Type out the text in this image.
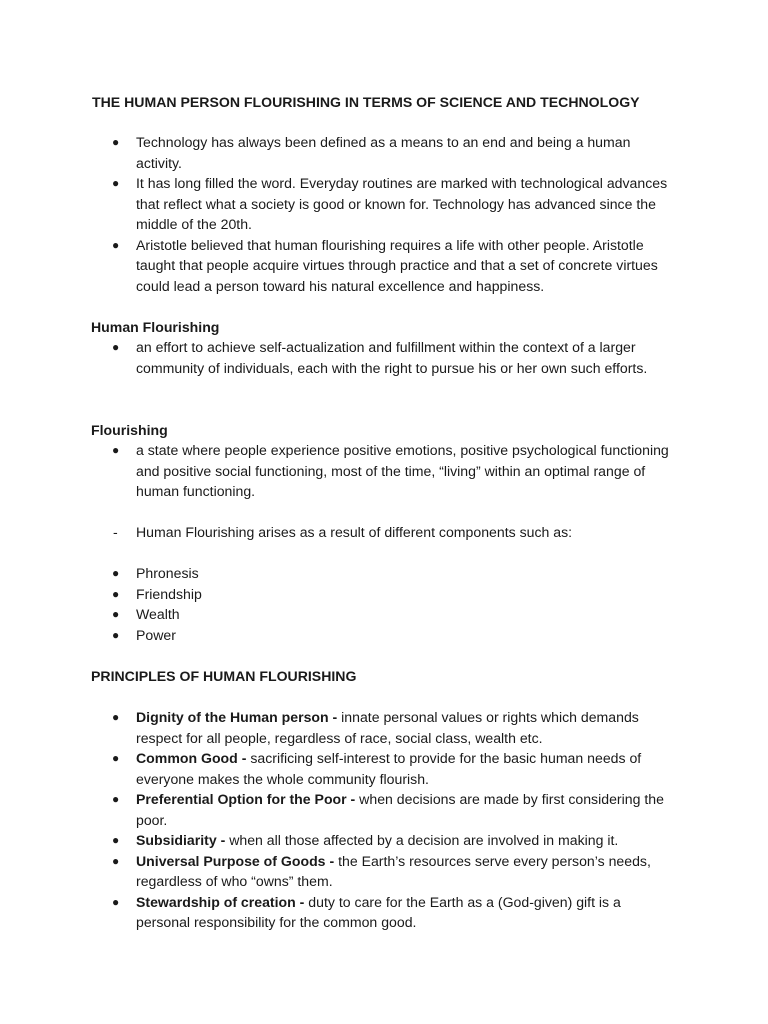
THE HUMAN PERSON FLOURISHING IN TERMS OF SCIENCE AND TECHNOLOGY
● Technology has always been defined as a means to an end and being a human activity.
● It has long filled the word. Everyday routines are marked with technological advances that reflect what a society is good or known for. Technology has advanced since the middle of the 20th.
● Aristotle believed that human flourishing requires a life with other people. Aristotle taught that people acquire virtues through practice and that a set of concrete virtues could lead a person toward his natural excellence and happiness.
Human Flourishing
● an effort to achieve self-actualization and fulfillment within the context of a larger community of individuals, each with the right to pursue his or her own such efforts.
Flourishing
● a state where people experience positive emotions, positive psychological functioning and positive social functioning, most of the time, “living” within an optimal range of human functioning.
- Human Flourishing arises as a result of different components such as:
● Phronesis
● Friendship
● Wealth
● Power
PRINCIPLES OF HUMAN FLOURISHING
● Dignity of the Human person - innate personal values or rights which demands respect for all people, regardless of race, social class, wealth etc.
● Common Good - sacrificing self-interest to provide for the basic human needs of everyone makes the whole community flourish.
● Preferential Option for the Poor - when decisions are made by first considering the poor.
● Subsidiarity - when all those affected by a decision are involved in making it.
● Universal Purpose of Goods - the Earth’s resources serve every person’s needs, regardless of who “owns” them.
● Stewardship of creation - duty to care for the Earth as a (God-given) gift is a personal responsibility for the common good.
